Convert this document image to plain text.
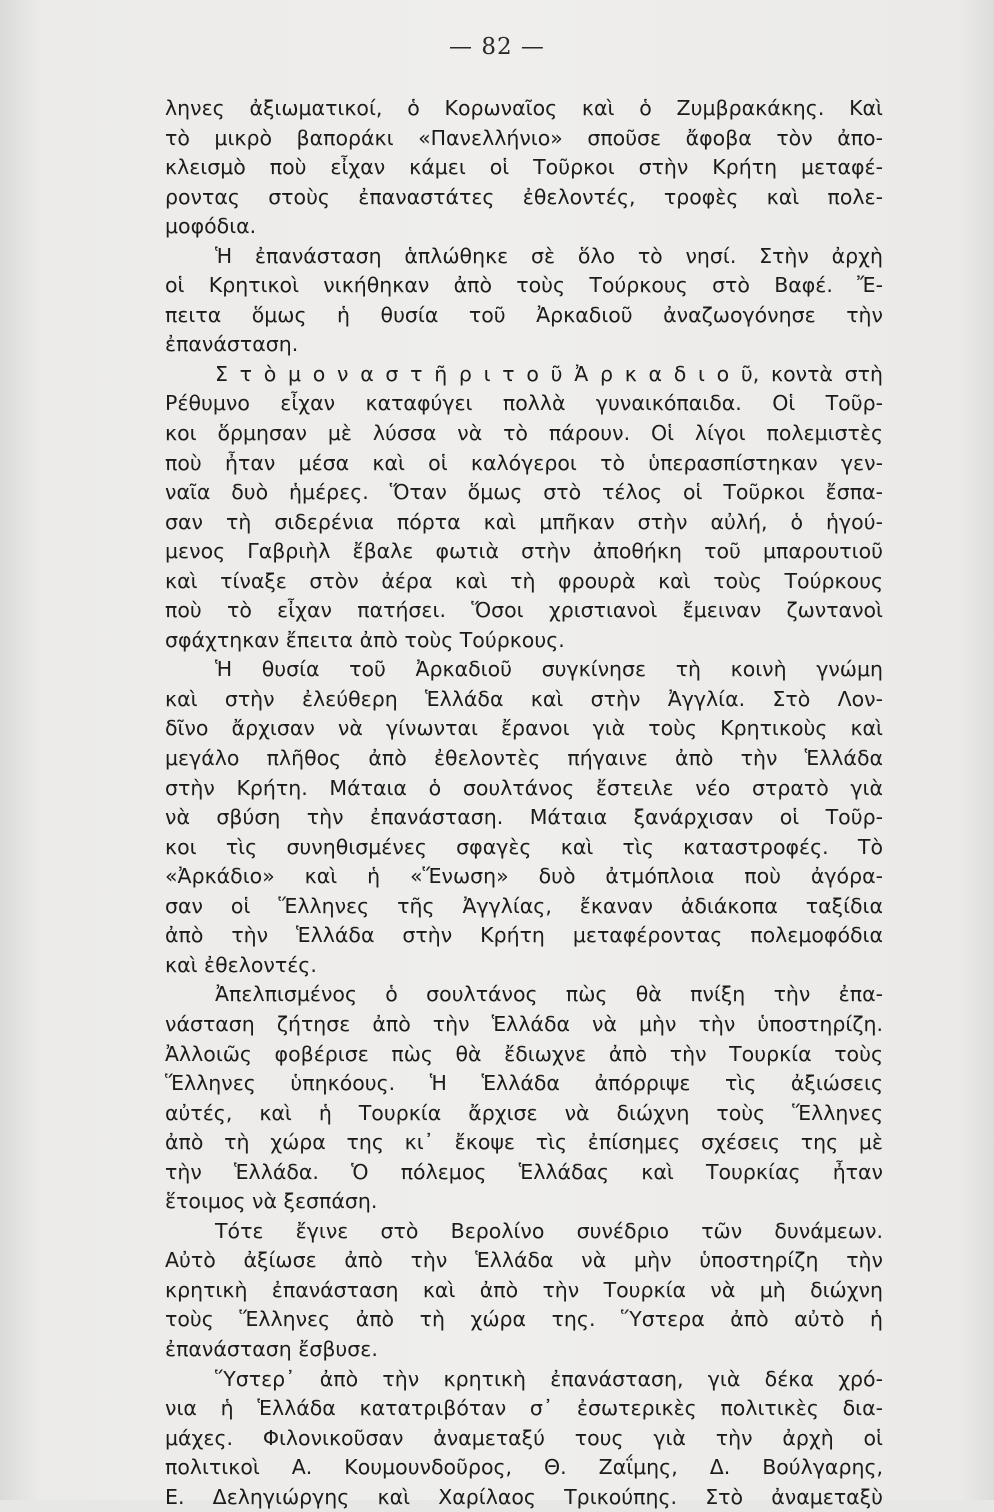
— 82 —
ληνες ἀξιωματικοί, ὁ Κορωναῖος καὶ ὁ Ζυμβρακάκης. Καὶ
τὸ μικρὸ βαποράκι «Πανελλήνιο» σποῦσε ἄφοβα τὸν ἀπο-
κλεισμὸ ποὺ εἶχαν κάμει οἱ Τοῦρκοι στὴν Κρήτη μεταφέ-
ροντας στοὺς ἐπαναστάτες ἐθελοντές, τροφὲς καὶ πολε-
μοφόδια.
Ἡ ἐπανάσταση ἁπλώθηκε σὲ ὅλο τὸ νησί. Στὴν ἀρχὴ
οἱ Κρητικοὶ νικήθηκαν ἀπὸ τοὺς Τούρκους στὸ Βαφέ. Ἔ-
πειτα ὅμως ἡ θυσία τοῦ Ἀρκαδιοῦ ἀναζωογόνησε τὴν
ἐπανάσταση.
Σ τ ὸ μ ο ν α σ τ ῆ ρ ι τ ο ῦ Ἀ ρ κ α δ ι ο ῦ, κοντὰ στὴ
Ρέθυμνο εἶχαν καταφύγει πολλὰ γυναικόπαιδα. Οἱ Τοῦρ-
κοι ὅρμησαν μὲ λύσσα νὰ τὸ πάρουν. Οἱ λίγοι πολεμιστὲς
ποὺ ἦταν μέσα καὶ οἱ καλόγεροι τὸ ὑπερασπίστηκαν γεν-
ναῖα δυὸ ἡμέρες. Ὅταν ὅμως στὸ τέλος οἱ Τοῦρκοι ἔσπα-
σαν τὴ σιδερένια πόρτα καὶ μπῆκαν στὴν αὐλή, ὁ ἡγού-
μενος Γαβριὴλ ἔβαλε φωτιὰ στὴν ἀποθήκη τοῦ μπαρουτιοῦ
καὶ τίναξε στὸν ἀέρα καὶ τὴ φρουρὰ καὶ τοὺς Τούρκους
ποὺ τὸ εἶχαν πατήσει. Ὅσοι χριστιανοὶ ἔμειναν ζωντανοὶ
σφάχτηκαν ἔπειτα ἀπὸ τοὺς Τούρκους.
Ἡ θυσία τοῦ Ἀρκαδιοῦ συγκίνησε τὴ κοινὴ γνώμη
καὶ στὴν ἐλεύθερη Ἑλλάδα καὶ στὴν Ἀγγλία. Στὸ Λον-
δῖνο ἄρχισαν νὰ γίνωνται ἔρανοι γιὰ τοὺς Κρητικοὺς καὶ
μεγάλο πλῆθος ἀπὸ ἐθελοντὲς πήγαινε ἀπὸ τὴν Ἑλλάδα
στὴν Κρήτη. Μάταια ὁ σουλτάνος ἔστειλε νέο στρατὸ γιὰ
νὰ σβύση τὴν ἐπανάσταση. Μάταια ξανάρχισαν οἱ Τοῦρ-
κοι τὶς συνηθισμένες σφαγὲς καὶ τὶς καταστροφές. Τὸ
«Ἀρκάδιο» καὶ ἡ «Ἕνωση» δυὸ ἀτμόπλοια ποὺ ἀγόρα-
σαν οἱ Ἕλληνες τῆς Ἀγγλίας, ἔκαναν ἀδιάκοπα ταξίδια
ἀπὸ τὴν Ἑλλάδα στὴν Κρήτη μεταφέροντας πολεμοφόδια
καὶ ἐθελοντές.
Ἀπελπισμένος ὁ σουλτάνος πὼς θὰ πνίξη τὴν ἐπα-
νάσταση ζήτησε ἀπὸ τὴν Ἑλλάδα νὰ μὴν τὴν ὑποστηρίζη.
Ἀλλοιῶς φοβέρισε πὼς θὰ ἔδιωχνε ἀπὸ τὴν Τουρκία τοὺς
Ἕλληνες ὑπηκόους. Ἡ Ἑλλάδα ἀπόρριψε τὶς ἀξιώσεις
αὐτές, καὶ ἡ Τουρκία ἄρχισε νὰ διώχνη τοὺς Ἕλληνες
ἀπὸ τὴ χώρα της κι᾿ ἔκοψε τὶς ἐπίσημες σχέσεις της μὲ
τὴν Ἑλλάδα. Ὁ πόλεμος Ἑλλάδας καὶ Τουρκίας ἦταν
ἕτοιμος νὰ ξεσπάση.
Τότε ἔγινε στὸ Βερολίνο συνέδριο τῶν δυνάμεων.
Αὐτὸ ἀξίωσε ἀπὸ τὴν Ἑλλάδα νὰ μὴν ὑποστηρίζη τὴν
κρητικὴ ἐπανάσταση καὶ ἀπὸ τὴν Τουρκία νὰ μὴ διώχνη
τοὺς Ἕλληνες ἀπὸ τὴ χώρα της. Ὕστερα ἀπὸ αὐτὸ ἡ
ἐπανάσταση ἔσβυσε.
Ὕστερ᾿ ἀπὸ τὴν κρητικὴ ἐπανάσταση, γιὰ δέκα χρό-
νια ἡ Ἑλλάδα κατατριβόταν σ᾿ ἐσωτερικὲς πολιτικὲς δια-
μάχες. Φιλονικοῦσαν ἀναμεταξύ τους γιὰ τὴν ἀρχὴ οἱ
πολιτικοὶ Α. Κουμουνδοῦρος, Θ. Ζαΐμης, Δ. Βούλγαρης,
Ε. Δεληγιώργης καὶ Χαρίλαος Τρικούπης. Στὸ ἀναμεταξὺ
